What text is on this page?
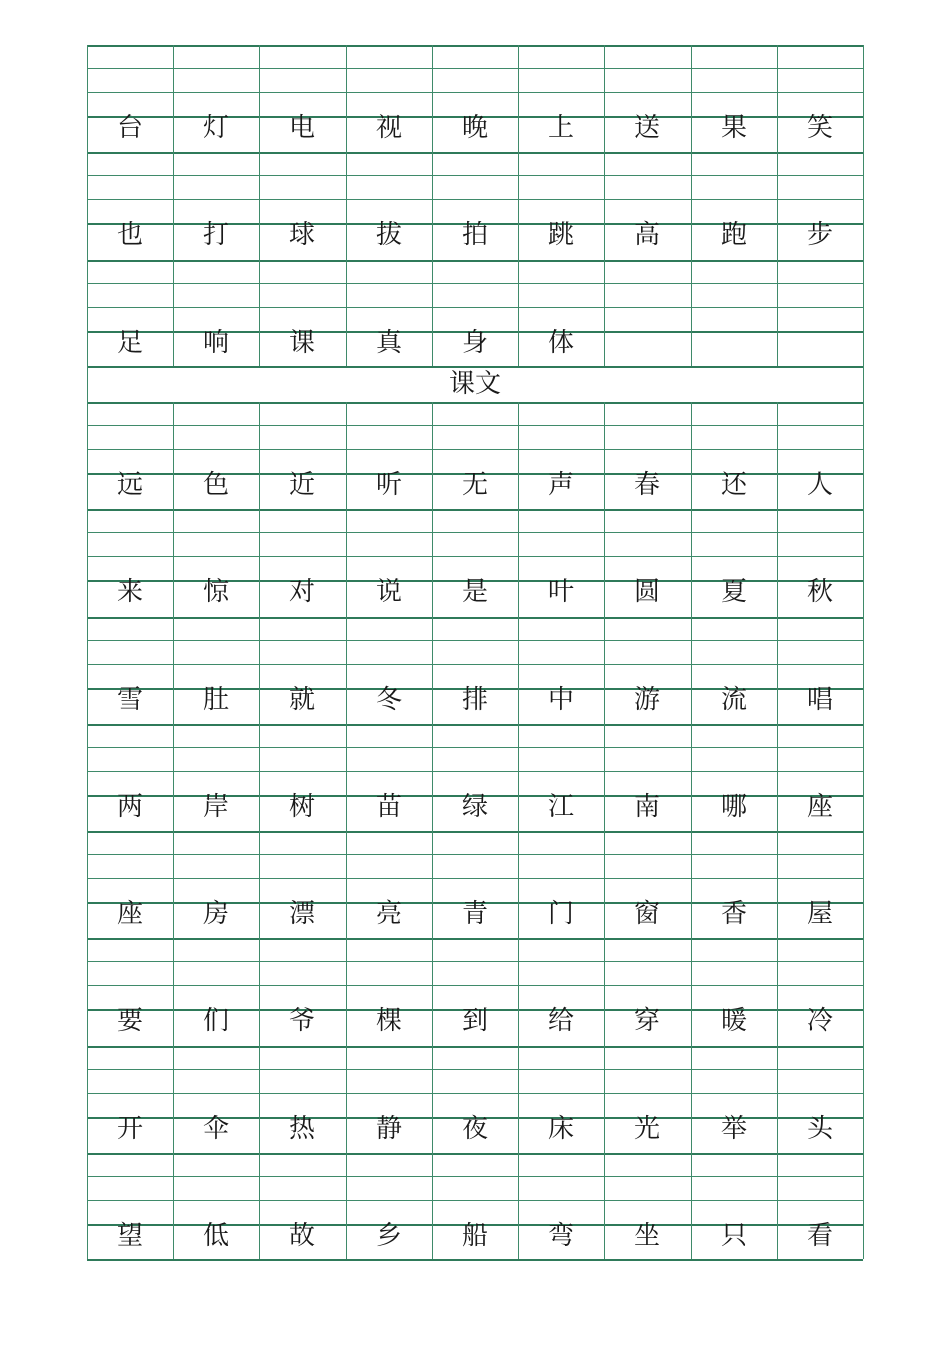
台	灯	电	视	晚	上	送	果	笑
也	打	球	拔	拍	跳	高	跑	步
足	响	课	真	身	体
课文
远	色	近	听	无	声	春	还	人
来	惊	对	说	是	叶	圆	夏	秋
雪	肚	就	冬	排	中	游	流	唱
两	岸	树	苗	绿	江	南	哪	座
座	房	漂	亮	青	门	窗	香	屋
要	们	爷	棵	到	给	穿	暖	冷
开	伞	热	静	夜	床	光	举	头
望	低	故	乡	船	弯	坐	只	看
